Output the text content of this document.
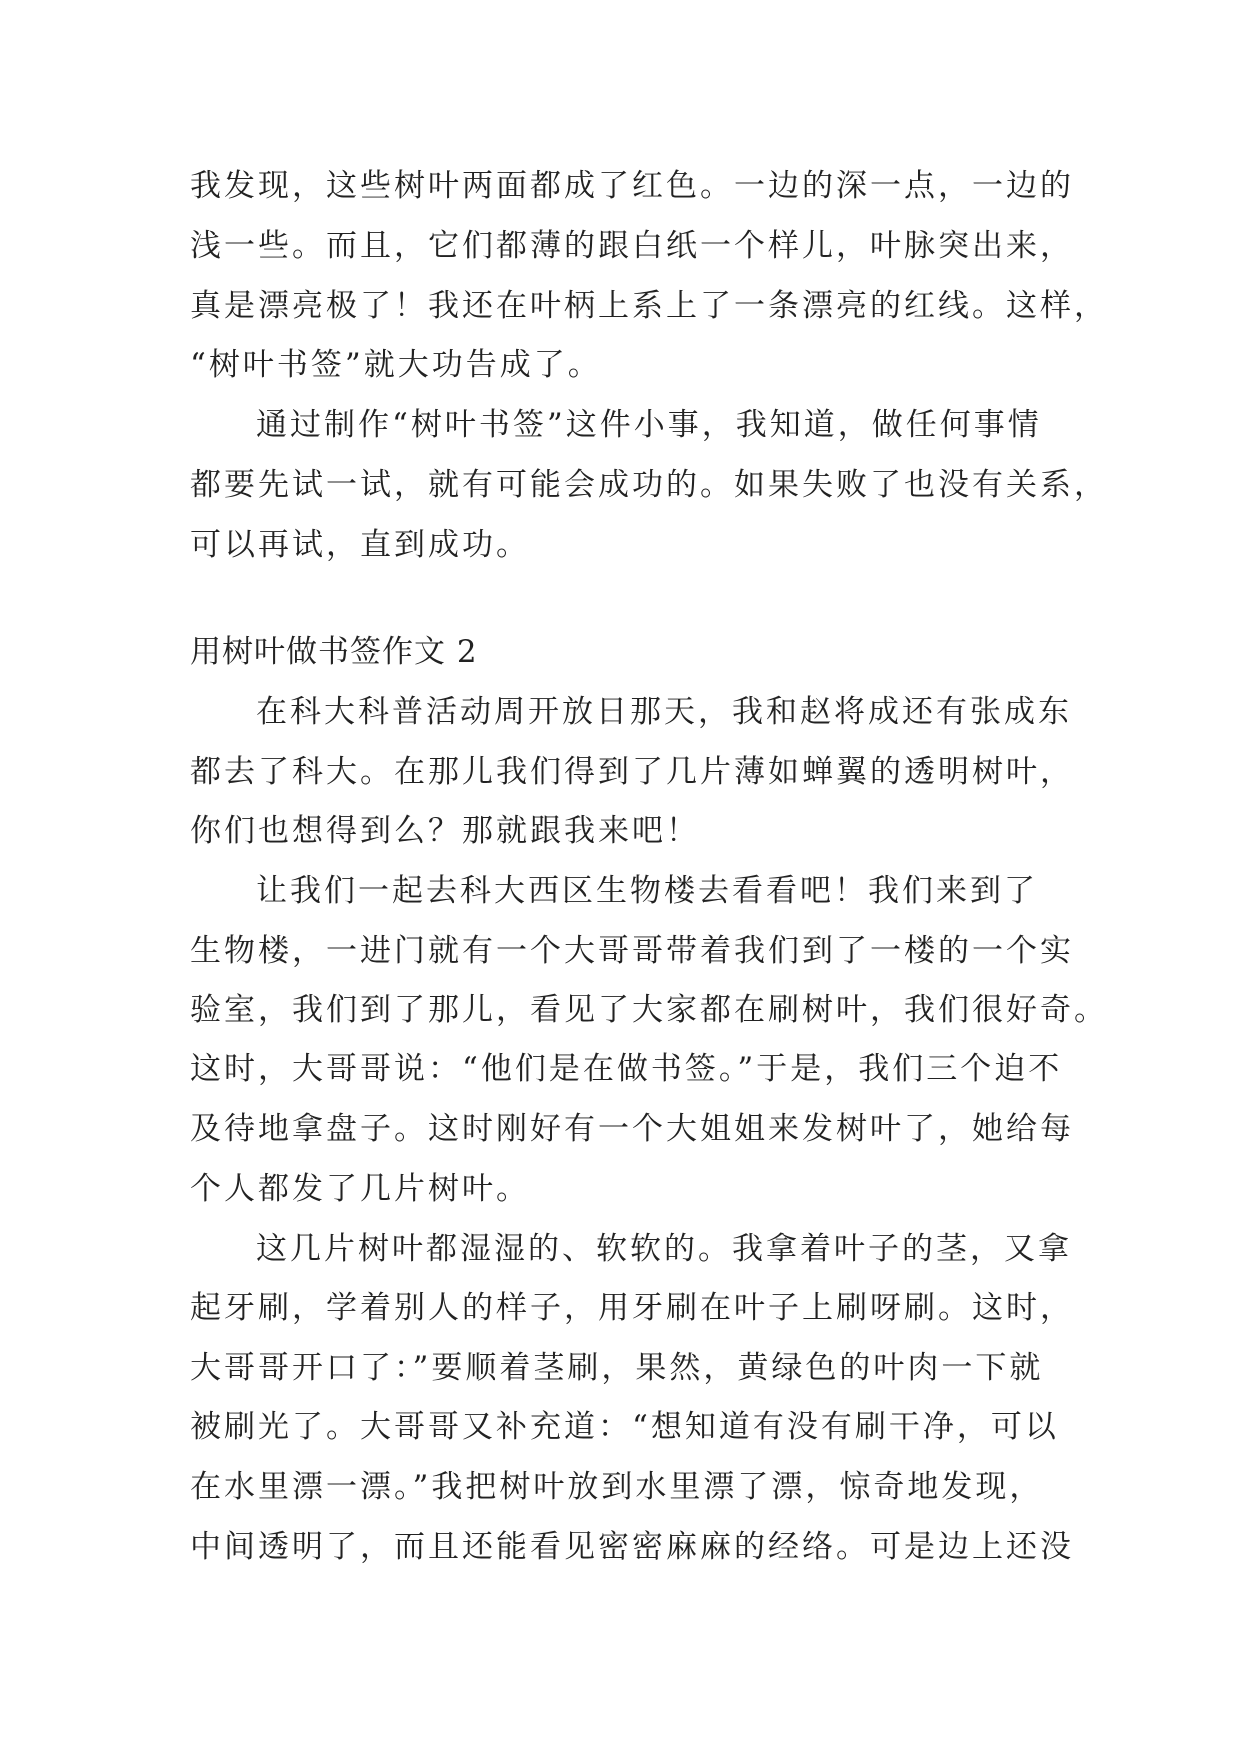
我发现，这些树叶两面都成了红色。一边的深一点，一边的
浅一些。而且，它们都薄的跟白纸一个样儿，叶脉突出来，
真是漂亮极了！我还在叶柄上系上了一条漂亮的红线。这样，
“树叶书签”就大功告成了。
通过制作“树叶书签”这件小事，我知道，做任何事情
都要先试一试，就有可能会成功的。如果失败了也没有关系，
可以再试，直到成功。
用树叶做书签作文 2
在科大科普活动周开放日那天，我和赵将成还有张成东
都去了科大。在那儿我们得到了几片薄如蝉翼的透明树叶，
你们也想得到么？那就跟我来吧！
让我们一起去科大西区生物楼去看看吧！我们来到了
生物楼，一进门就有一个大哥哥带着我们到了一楼的一个实
验室，我们到了那儿，看见了大家都在刷树叶，我们很好奇。
这时，大哥哥说：“他们是在做书签。”于是，我们三个迫不
及待地拿盘子。这时刚好有一个大姐姐来发树叶了，她给每
个人都发了几片树叶。
这几片树叶都湿湿的、软软的。我拿着叶子的茎，又拿
起牙刷，学着别人的样子，用牙刷在叶子上刷呀刷。这时，
大哥哥开口了：”要顺着茎刷，果然，黄绿色的叶肉一下就
被刷光了。大哥哥又补充道：“想知道有没有刷干净，可以
在水里漂一漂。”我把树叶放到水里漂了漂，惊奇地发现，
中间透明了，而且还能看见密密麻麻的经络。可是边上还没
